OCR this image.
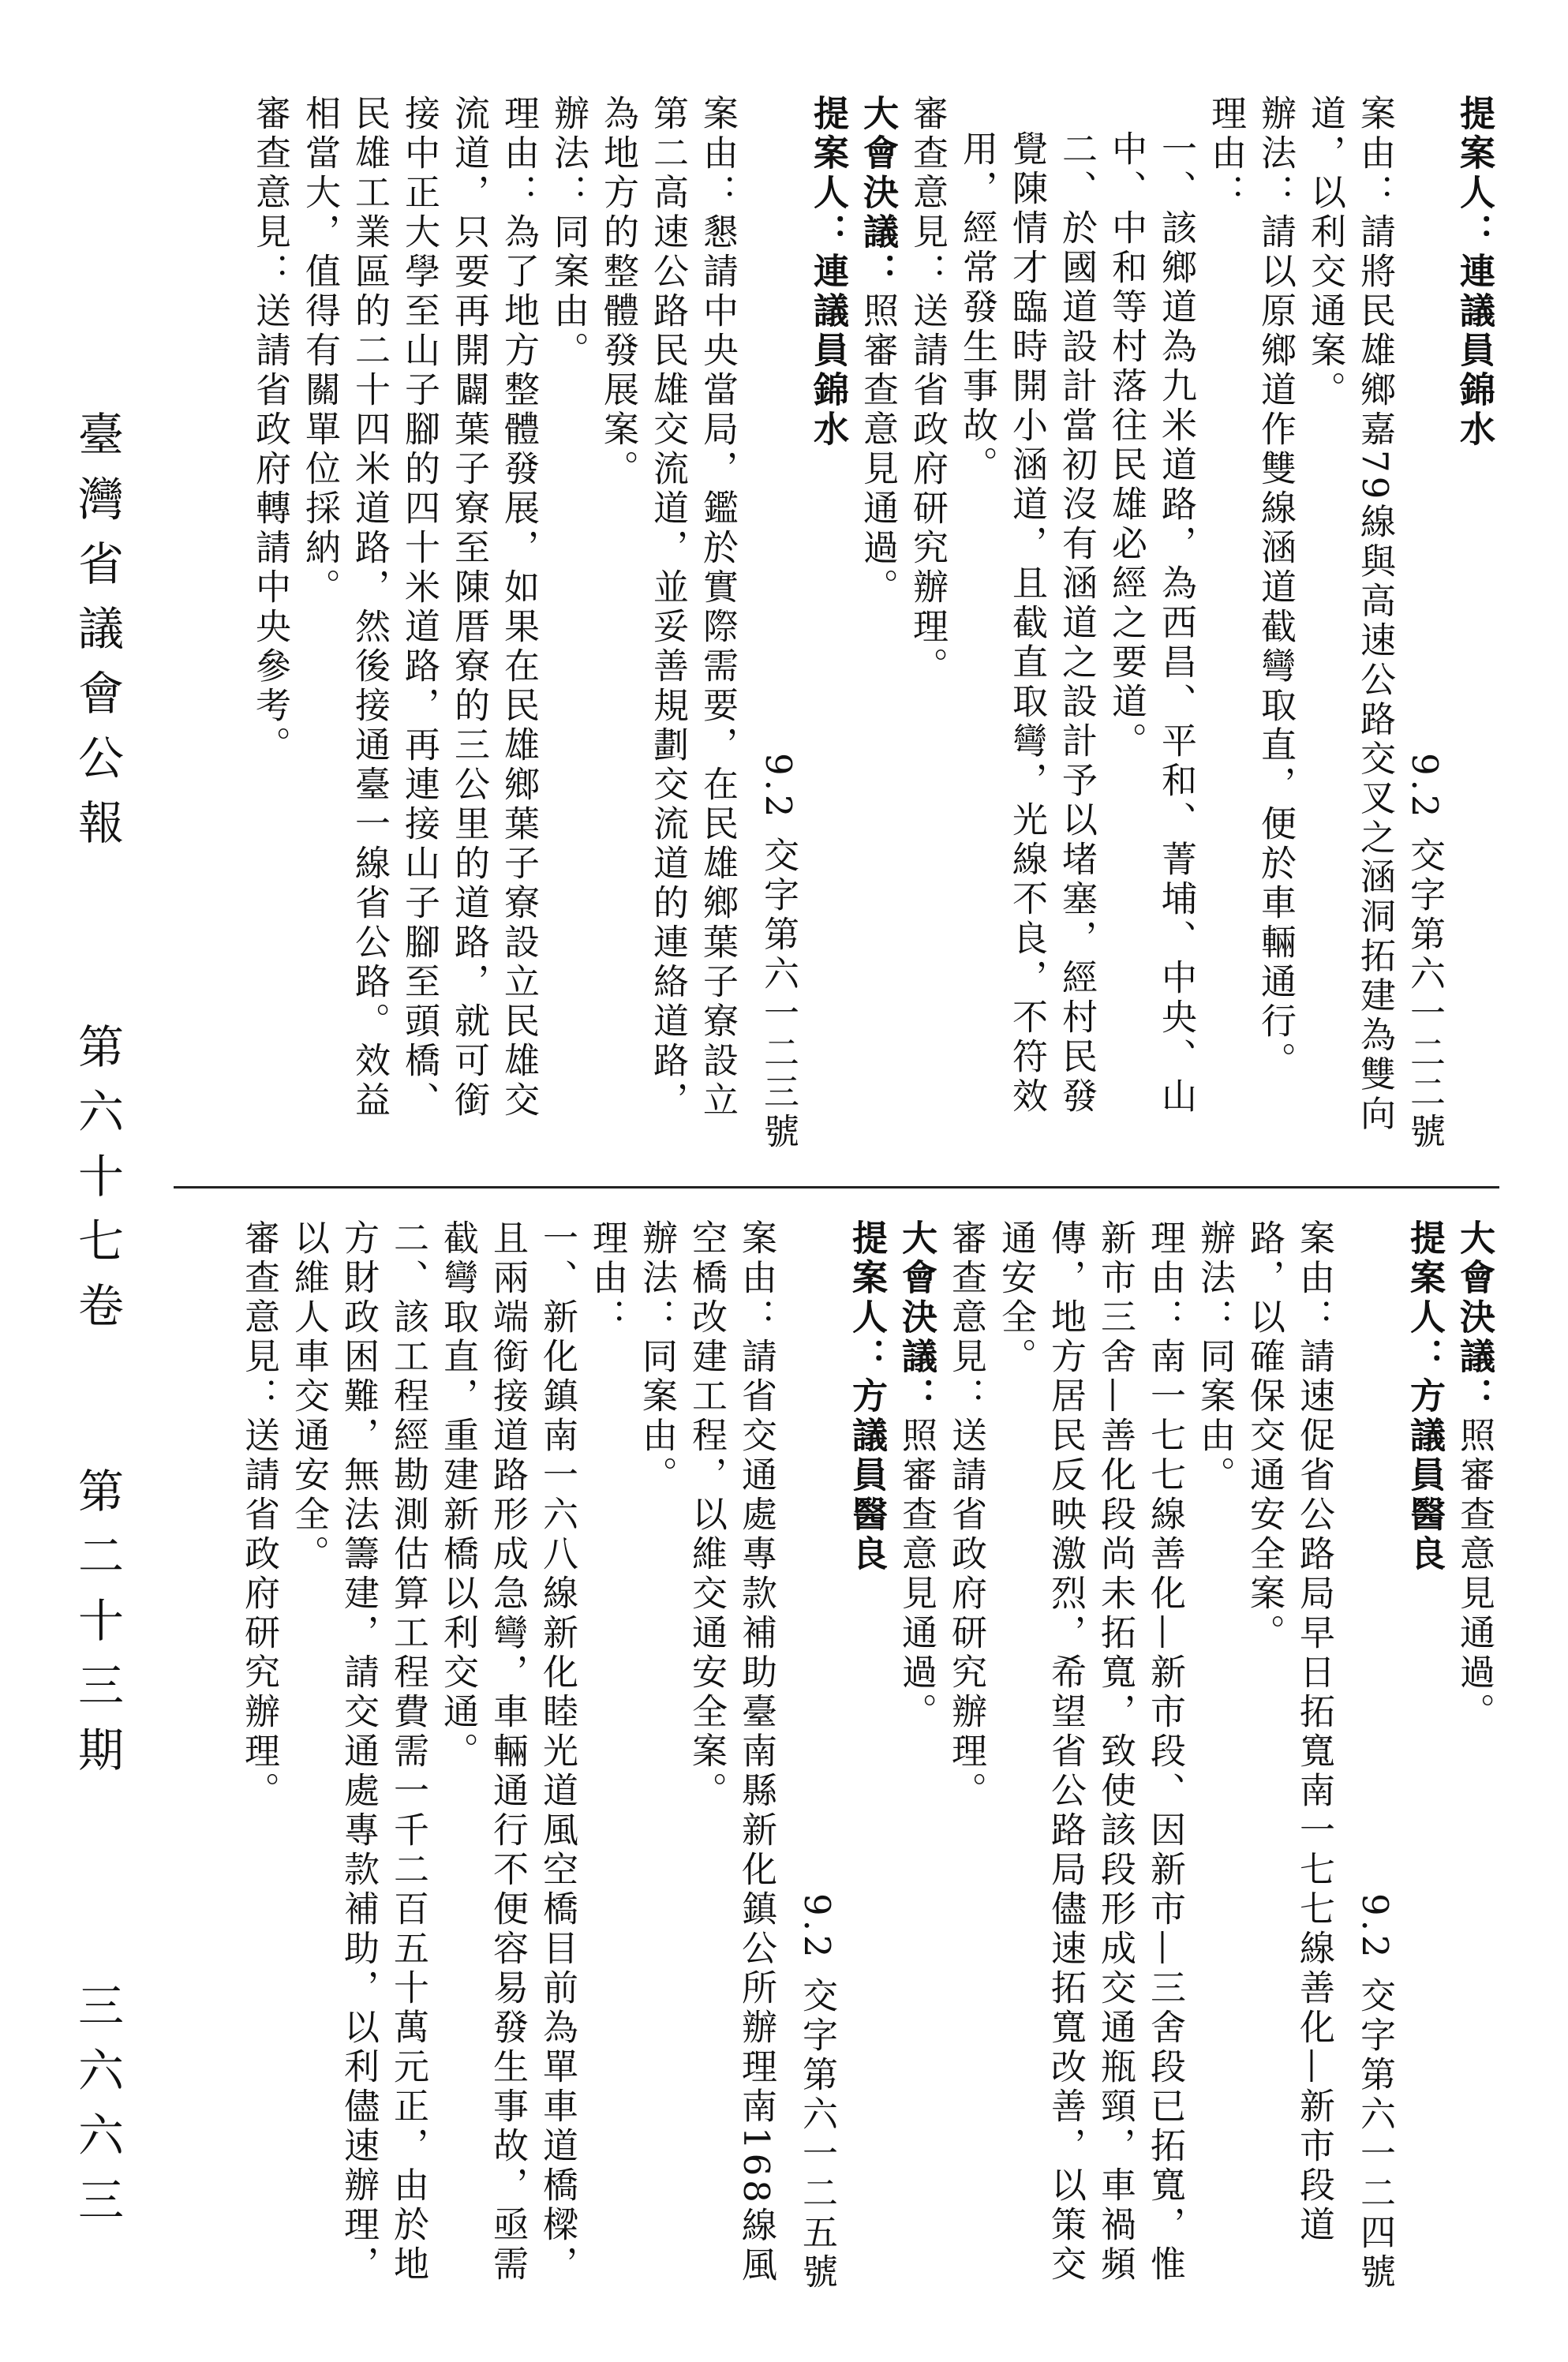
提案人：連議員錦水
9.2 交字第六一二二號
案由：請將民雄鄉嘉79線與高速公路交叉之涵洞拓建為雙向道，以利交通案。
辦法：請以原鄉道作雙線涵道截彎取直，便於車輛通行。
理由：
一、該鄉道為九米道路，為西昌、平和、菁埔、中央、山中、中和等村落往民雄必經之要道。
二、於國道設計當初沒有涵道之設計予以堵塞，經村民發覺陳情才臨時開小涵道，且截直取彎，光線不良，不符效用，經常發生事故。
審查意見：送請省政府研究辦理。
大會決議：照審查意見通過。
提案人：連議員錦水
9.2 交字第六一二三號
案由：懇請中央當局，鑑於實際需要，在民雄鄉葉子寮設立第二高速公路民雄交流道，並妥善規劃交流道的連絡道路，為地方的整體發展案。
辦法：同案由。
理由：為了地方整體發展，如果在民雄鄉葉子寮設立民雄交流道，只要再開闢葉子寮至陳厝寮的三公里的道路，就可銜接中正大學至山子腳的四十米道路，再連接山子腳至頭橋、民雄工業區的二十四米道路，然後接通臺一線省公路。效益相當大，值得有關單位採納。
審查意見：送請省政府轉請中央參考。
大會決議：照審查意見通過。
提案人：方議員醫良
9.2 交字第六一二四號
案由：請速促省公路局早日拓寬南一七七線善化—新市段道路，以確保交通安全案。
辦法：同案由。
理由：南一七七線善化—新市段、因新市—三舍段已拓寬，惟新市三舍—善化段尚未拓寬，致使該段形成交通瓶頸，車禍頻傳，地方居民反映激烈，希望省公路局儘速拓寬改善，以策交通安全。
審查意見：送請省政府研究辦理。
大會決議：照審查意見通過。
提案人：方議員醫良
9.2 交字第六一二五號
案由：請省交通處專款補助臺南縣新化鎮公所辦理南168線風空橋改建工程，以維交通安全案。
辦法：同案由。
理由：
一、新化鎮南一六八線新化睦光道風空橋目前為單車道橋樑，且兩端銜接道路形成急彎，車輛通行不便容易發生事故，亟需截彎取直，重建新橋以利交通。
二、該工程經勘測估算工程費需一千二百五十萬元正，由於地方財政困難，無法籌建，請交通處專款補助，以利儘速辦理，以維人車交通安全。
審查意見：送請省政府研究辦理。
臺灣省議會公報 第六十七卷 第二十三期 三六六三
